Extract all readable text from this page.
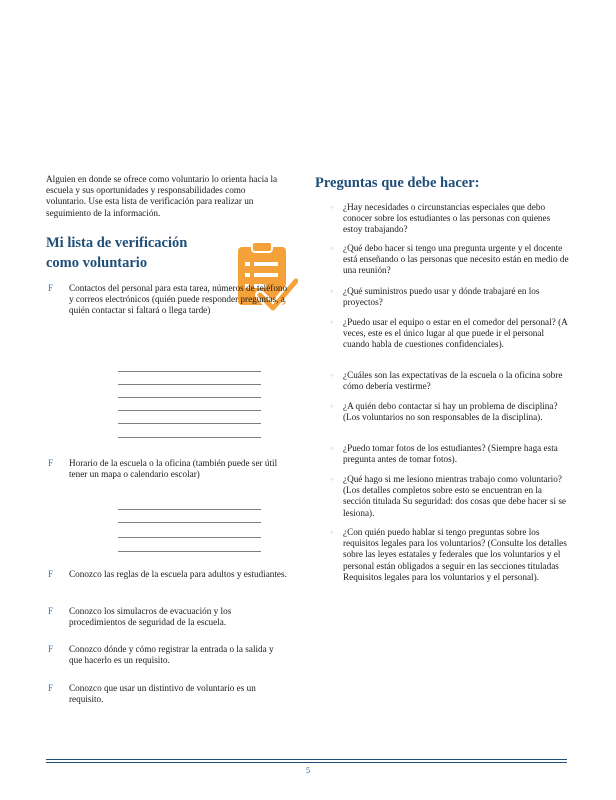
Alguien en donde se ofrece como voluntario lo orienta hacia la escuela y sus oportunidades y responsabilidades como voluntario. Use esta lista de verificación para realizar un seguimiento de la información.
Mi lista de verificación
como voluntario
F Contactos del personal para esta tarea, números de teléfono y correos electrónicos (quién puede responder preguntas, a quién contactar si faltará o llega tarde)
F Horario de la escuela o la oficina (también puede ser útil tener un mapa o calendario escolar)
F Conozco las reglas de la escuela para adultos y estudiantes.
F Conozco los simulacros de evacuación y los procedimientos de seguridad de la escuela.
F Conozco dónde y cómo registrar la entrada o la salida y que hacerlo es un requisito.
F Conozco que usar un distintivo de voluntario es un requisito.
Preguntas que debe hacer:
◦ ¿Hay necesidades o circunstancias especiales que debo conocer sobre los estudiantes o las personas con quienes estoy trabajando?
◦ ¿Qué debo hacer si tengo una pregunta urgente y el docente está enseñando o las personas que necesito están en medio de una reunión?
◦ ¿Qué suministros puedo usar y dónde trabajaré en los proyectos?
◦ ¿Puedo usar el equipo o estar en el comedor del personal? (A veces, este es el único lugar al que puede ir el personal cuando habla de cuestiones confidenciales).
◦ ¿Cuáles son las expectativas de la escuela o la oficina sobre cómo debería vestirme?
◦ ¿A quién debo contactar si hay un problema de disciplina? (Los voluntarios no son responsables de la disciplina).
◦ ¿Puedo tomar fotos de los estudiantes? (Siempre haga esta pregunta antes de tomar fotos).
◦ ¿Qué hago si me lesiono mientras trabajo como voluntario? (Los detalles completos sobre esto se encuentran en la sección titulada Su seguridad: dos cosas que debe hacer si se lesiona).
◦ ¿Con quién puedo hablar si tengo preguntas sobre los requisitos legales para los voluntarios? (Consulte los detalles sobre las leyes estatales y federales que los voluntarios y el personal están obligados a seguir en las secciones tituladas Requisitos legales para los voluntarios y el personal).
5
